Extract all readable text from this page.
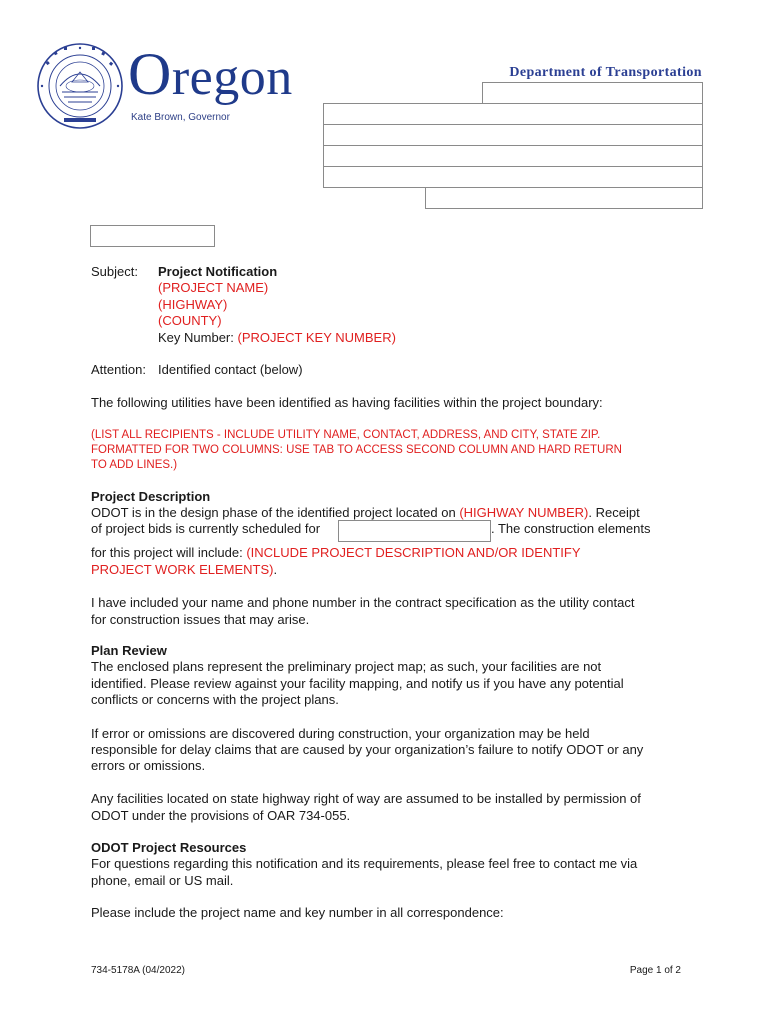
Oregon
Kate Brown, Governor
Department of Transportation
Subject: Project Notification
(PROJECT NAME)
(HIGHWAY)
(COUNTY)
Key Number: (PROJECT KEY NUMBER)
Attention: Identified contact (below)
The following utilities have been identified as having facilities within the project boundary:
(LIST ALL RECIPIENTS - INCLUDE UTILITY NAME, CONTACT, ADDRESS, AND CITY, STATE ZIP.
FORMATTED FOR TWO COLUMNS: USE TAB TO ACCESS SECOND COLUMN AND HARD RETURN
TO ADD LINES.)
Project Description
ODOT is in the design phase of the identified project located on (HIGHWAY NUMBER). Receipt
of project bids is currently scheduled for	. The construction elements
for this project will include: (INCLUDE PROJECT DESCRIPTION AND/OR IDENTIFY
PROJECT WORK ELEMENTS).
I have included your name and phone number in the contract specification as the utility contact
for construction issues that may arise.
Plan Review
The enclosed plans represent the preliminary project map; as such, your facilities are not
identified. Please review against your facility mapping, and notify us if you have any potential
conflicts or concerns with the project plans.
If error or omissions are discovered during construction, your organization may be held
responsible for delay claims that are caused by your organization’s failure to notify ODOT or any
errors or omissions.
Any facilities located on state highway right of way are assumed to be installed by permission of
ODOT under the provisions of OAR 734-055.
ODOT Project Resources
For questions regarding this notification and its requirements, please feel free to contact me via
phone, email or US mail.
Please include the project name and key number in all correspondence:
734-5178A (04/2022)	Page 1 of 2
